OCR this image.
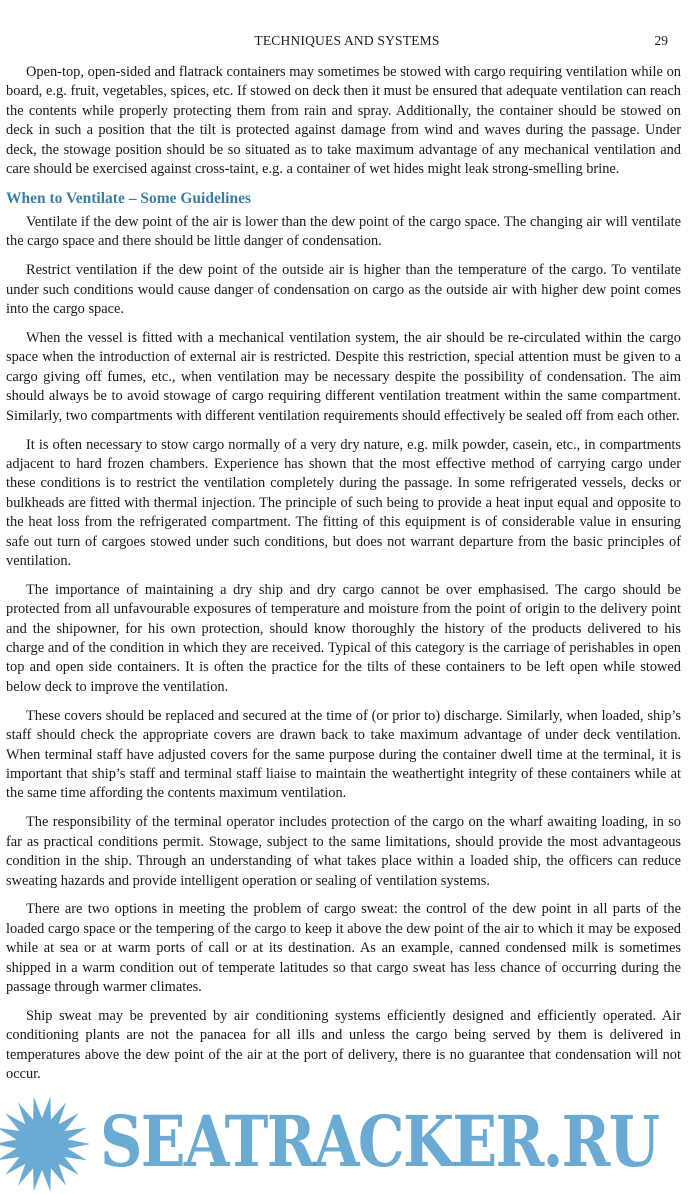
TECHNIQUES AND SYSTEMS	29

Open-top, open-sided and flatrack containers may sometimes be stowed with cargo requiring ventilation while on board, e.g. fruit, vegetables, spices, etc. If stowed on deck then it must be ensured that adequate ventilation can reach the contents while properly protecting them from rain and spray. Additionally, the container should be stowed on deck in such a position that the tilt is protected against damage from wind and waves during the passage. Under deck, the stowage position should be so situated as to take maximum advantage of any mechanical ventilation and care should be exercised against cross-taint, e.g. a container of wet hides might leak strong-smelling brine.

When to Ventilate – Some Guidelines

Ventilate if the dew point of the air is lower than the dew point of the cargo space. The changing air will ventilate the cargo space and there should be little danger of condensation.

Restrict ventilation if the dew point of the outside air is higher than the temperature of the cargo. To ventilate under such conditions would cause danger of condensation on cargo as the outside air with higher dew point comes into the cargo space.

When the vessel is fitted with a mechanical ventilation system, the air should be re-circulated within the cargo space when the introduction of external air is restricted. Despite this restriction, special attention must be given to a cargo giving off fumes, etc., when ventilation may be necessary despite the possibility of condensation. The aim should always be to avoid stowage of cargo requiring different ventilation treatment within the same compartment. Similarly, two compartments with different ventilation requirements should effectively be sealed off from each other.

It is often necessary to stow cargo normally of a very dry nature, e.g. milk powder, casein, etc., in compartments adjacent to hard frozen chambers. Experience has shown that the most effective method of carrying cargo under these conditions is to restrict the ventilation completely during the passage. In some refrigerated vessels, decks or bulkheads are fitted with thermal injection. The principle of such being to provide a heat input equal and opposite to the heat loss from the refrigerated compartment. The fitting of this equipment is of considerable value in ensuring safe out turn of cargoes stowed under such conditions, but does not warrant departure from the basic principles of ventilation.

The importance of maintaining a dry ship and dry cargo cannot be over emphasised. The cargo should be protected from all unfavourable exposures of temperature and moisture from the point of origin to the delivery point and the shipowner, for his own protection, should know thoroughly the history of the products delivered to his charge and of the condition in which they are received. Typical of this category is the carriage of perishables in open top and open side containers. It is often the practice for the tilts of these containers to be left open while stowed below deck to improve the ventilation.

These covers should be replaced and secured at the time of (or prior to) discharge. Similarly, when loaded, ship’s staff should check the appropriate covers are drawn back to take maximum advantage of under deck ventilation. When terminal staff have adjusted covers for the same purpose during the container dwell time at the terminal, it is important that ship’s staff and terminal staff liaise to maintain the weathertight integrity of these containers while at the same time affording the contents maximum ventilation.

The responsibility of the terminal operator includes protection of the cargo on the wharf awaiting loading, in so far as practical conditions permit. Stowage, subject to the same limitations, should provide the most advantageous condition in the ship. Through an understanding of what takes place within a loaded ship, the officers can reduce sweating hazards and provide intelligent operation or sealing of ventilation systems.

There are two options in meeting the problem of cargo sweat: the control of the dew point in all parts of the loaded cargo space or the tempering of the cargo to keep it above the dew point of the air to which it may be exposed while at sea or at warm ports of call or at its destination. As an example, canned condensed milk is sometimes shipped in a warm condition out of temperate latitudes so that cargo sweat has less chance of occurring during the passage through warmer climates.

Ship sweat may be prevented by air conditioning systems efficiently designed and efficiently operated. Air conditioning plants are not the panacea for all ills and unless the cargo being served by them is delivered in temperatures above the dew point of the air at the port of delivery, there is no guarantee that condensation will not occur.

SEATRACKER.RU
